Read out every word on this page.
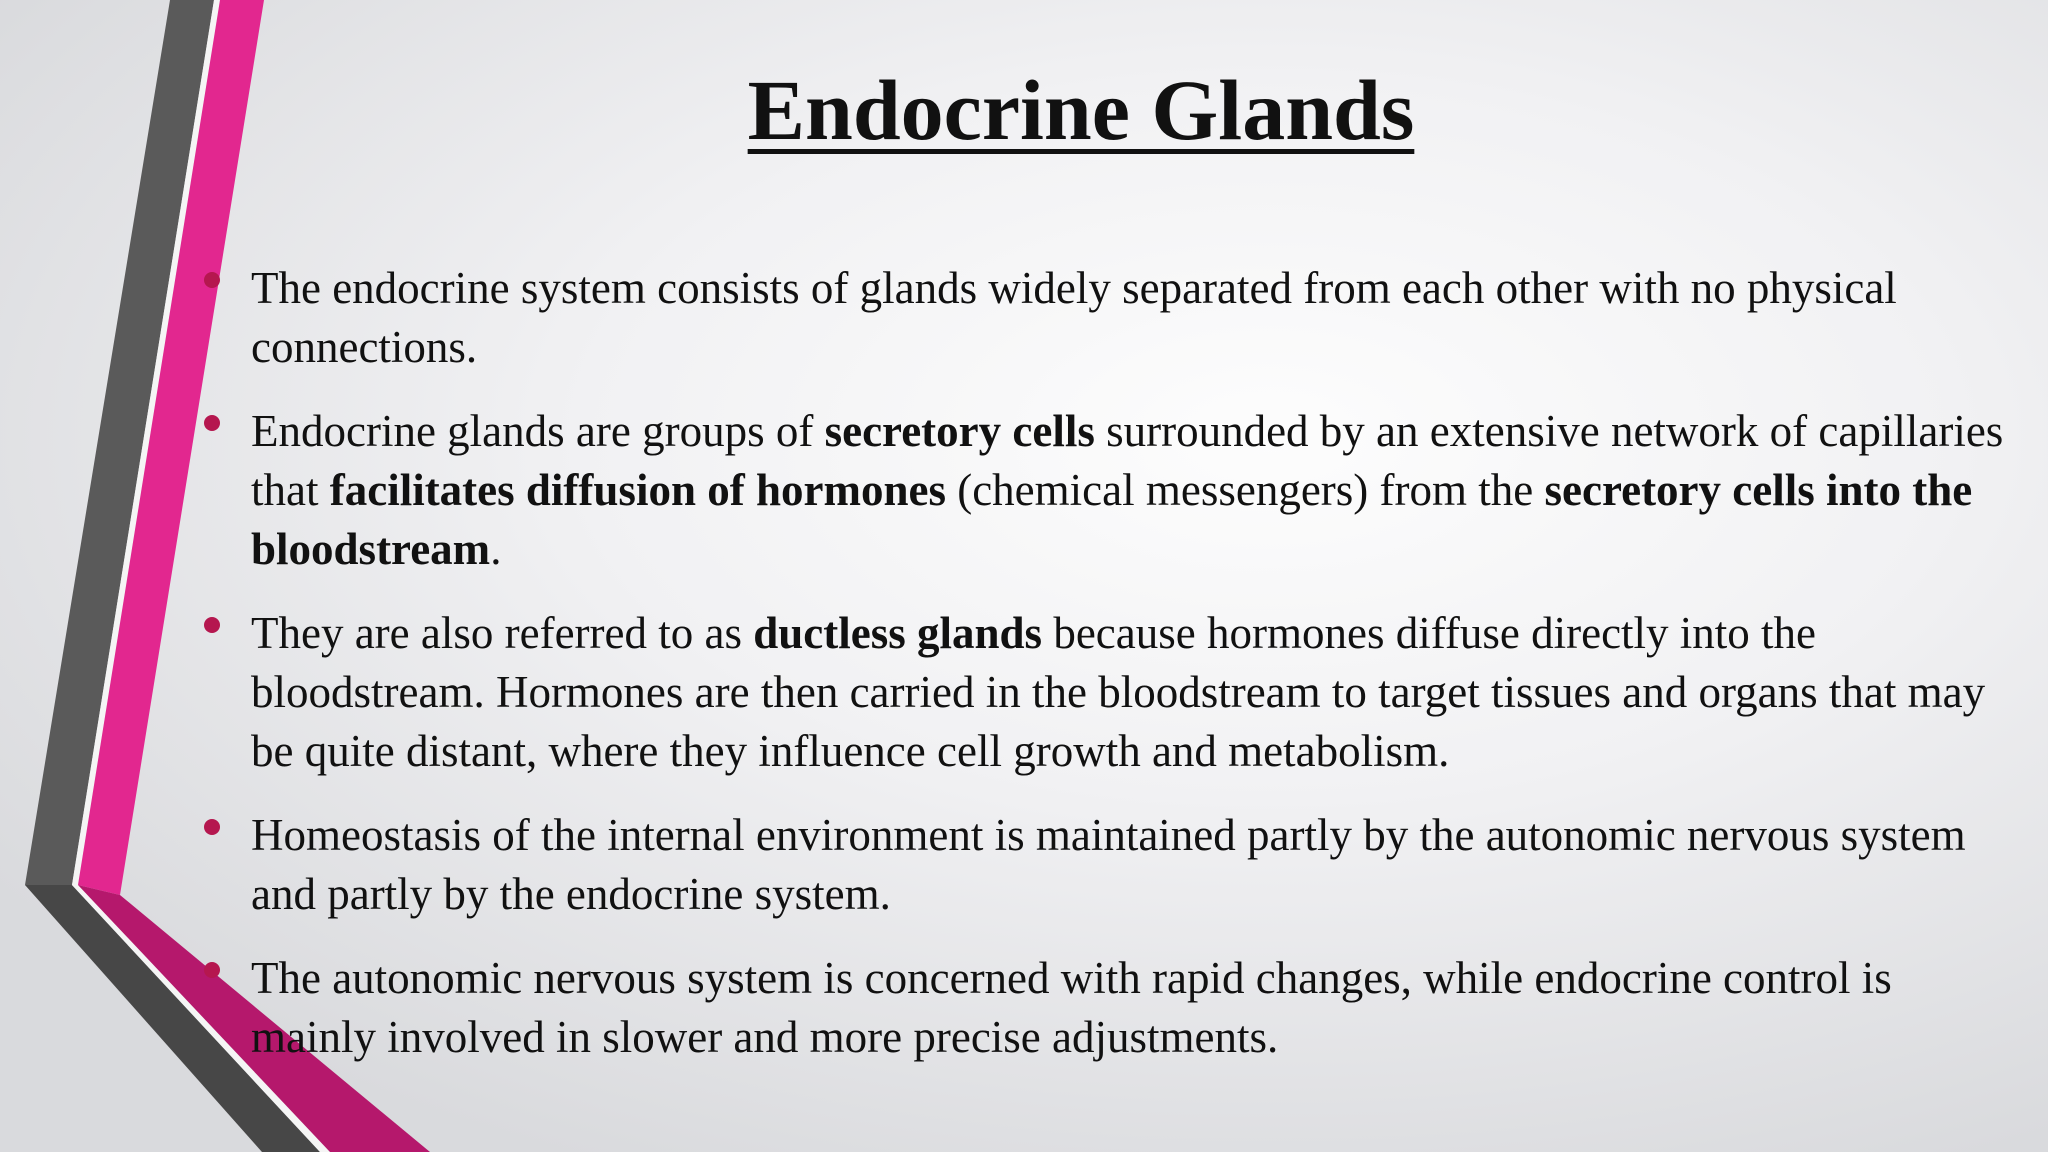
Endocrine Glands
The endocrine system consists of glands widely separated from each other with no physical connections.
Endocrine glands are groups of secretory cells surrounded by an extensive network of capillaries that facilitates diffusion of hormones (chemical messengers) from the secretory cells into the bloodstream.
They are also referred to as ductless glands because hormones diffuse directly into the bloodstream. Hormones are then carried in the bloodstream to target tissues and organs that may be quite distant, where they influence cell growth and metabolism.
Homeostasis of the internal environment is maintained partly by the autonomic nervous system and partly by the endocrine system.
The autonomic nervous system is concerned with rapid changes, while endocrine control is mainly involved in slower and more precise adjustments.
